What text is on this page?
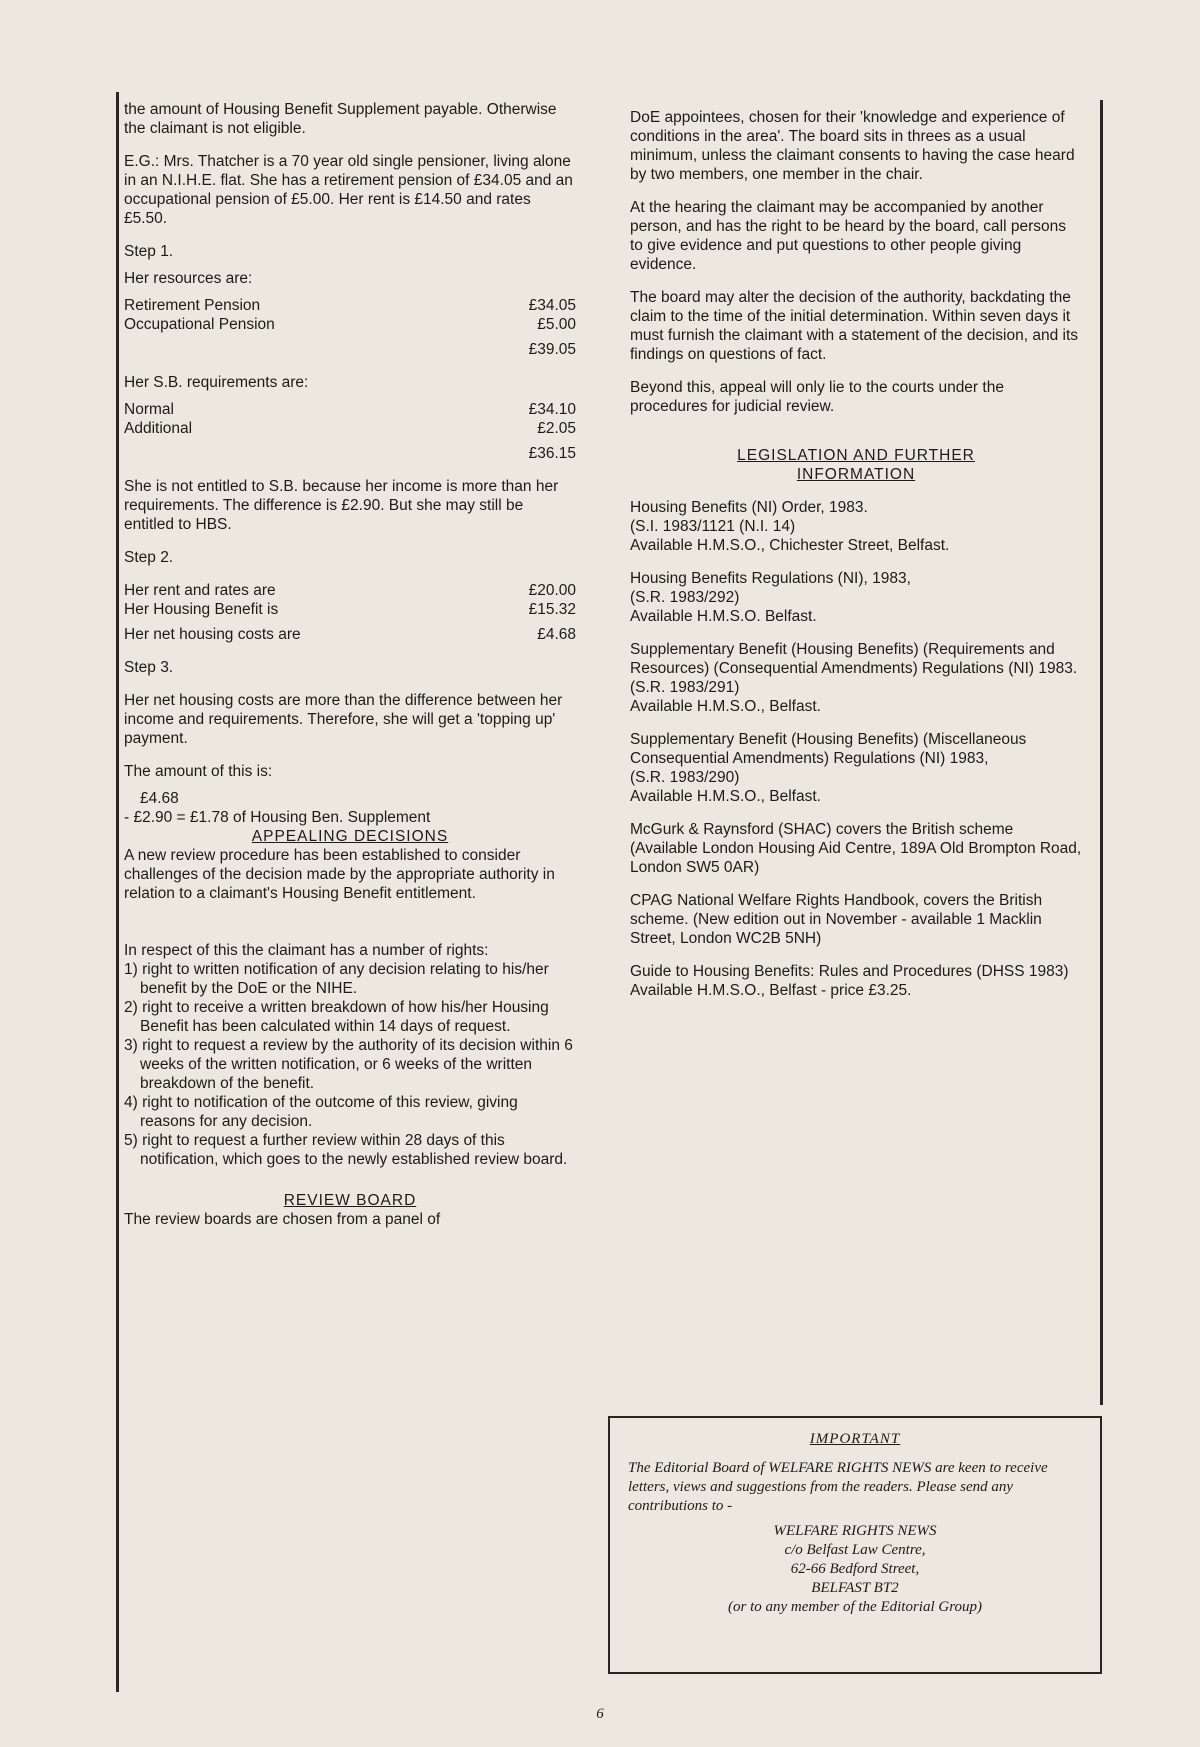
the amount of Housing Benefit Supplement payable. Otherwise the claimant is not eligible.

E.G.: Mrs. Thatcher is a 70 year old single pensioner, living alone in an N.I.H.E. flat. She has a retirement pension of £34.05 and an occupational pension of £5.00. Her rent is £14.50 and rates £5.50.

Step 1.

Her resources are:

Retirement Pension	£34.05
Occupational Pension	£5.00
£39.05

Her S.B. requirements are:

Normal	£34.10
Additional	£2.05
£36.15

She is not entitled to S.B. because her income is more than her requirements. The difference is £2.90. But she may still be entitled to HBS.

Step 2.

Her rent and rates are	£20.00
Her Housing Benefit is	£15.32
Her net housing costs are	£4.68

Step 3.

Her net housing costs are more than the difference between her income and requirements. Therefore, she will get a 'topping up' payment.

The amount of this is:

£4.68

- £2.90 = £1.78 of Housing Ben. Supplement

APPEALING DECISIONS

A new review procedure has been established to consider challenges of the decision made by the appropriate authority in relation to a claimant's Housing Benefit entitlement.

In respect of this the claimant has a number of rights:

1) right to written notification of any decision relating to his/her benefit by the DoE or the NIHE.

2) right to receive a written breakdown of how his/her Housing Benefit has been calculated within 14 days of request.

3) right to request a review by the authority of its decision within 6 weeks of the written notification, or 6 weeks of the written breakdown of the benefit.

4) right to notification of the outcome of this review, giving reasons for any decision.

5) right to request a further review within 28 days of this notification, which goes to the newly established review board.

REVIEW BOARD

The review boards are chosen from a panel of

DoE appointees, chosen for their 'knowledge and experience of conditions in the area'. The board sits in threes as a usual minimum, unless the claimant consents to having the case heard by two members, one member in the chair.

At the hearing the claimant may be accompanied by another person, and has the right to be heard by the board, call persons to give evidence and put questions to other people giving evidence.

The board may alter the decision of the authority, backdating the claim to the time of the initial determination. Within seven days it must furnish the claimant with a statement of the decision, and its findings on questions of fact.

Beyond this, appeal will only lie to the courts under the procedures for judicial review.

LEGISLATION AND FURTHER INFORMATION

Housing Benefits (NI) Order, 1983.

(S.I. 1983/1121 (N.I. 14)

Available H.M.S.O., Chichester Street, Belfast.

Housing Benefits Regulations (NI), 1983,

(S.R. 1983/292)

Available H.M.S.O. Belfast.

Supplementary Benefit (Housing Benefits) (Requirements and Resources) (Consequential Amendments) Regulations (NI) 1983.

(S.R. 1983/291)

Available H.M.S.O., Belfast.

Supplementary Benefit (Housing Benefits) (Miscellaneous Consequential Amendments) Regulations (NI) 1983,

(S.R. 1983/290)

Available H.M.S.O., Belfast.

McGurk & Raynsford (SHAC) covers the British scheme (Available London Housing Aid Centre, 189A Old Brompton Road, London SW5 0AR)

CPAG National Welfare Rights Handbook, covers the British scheme. (New edition out in November - available 1 Macklin Street, London WC2B 5NH)

Guide to Housing Benefits: Rules and Procedures (DHSS 1983)

Available H.M.S.O., Belfast - price £3.25.

IMPORTANT

The Editorial Board of WELFARE RIGHTS NEWS are keen to receive letters, views and suggestions from the readers. Please send any contributions to -

WELFARE RIGHTS NEWS
c/o Belfast Law Centre,
62-66 Bedford Street,
BELFAST BT2
(or to any member of the Editorial Group)
6
